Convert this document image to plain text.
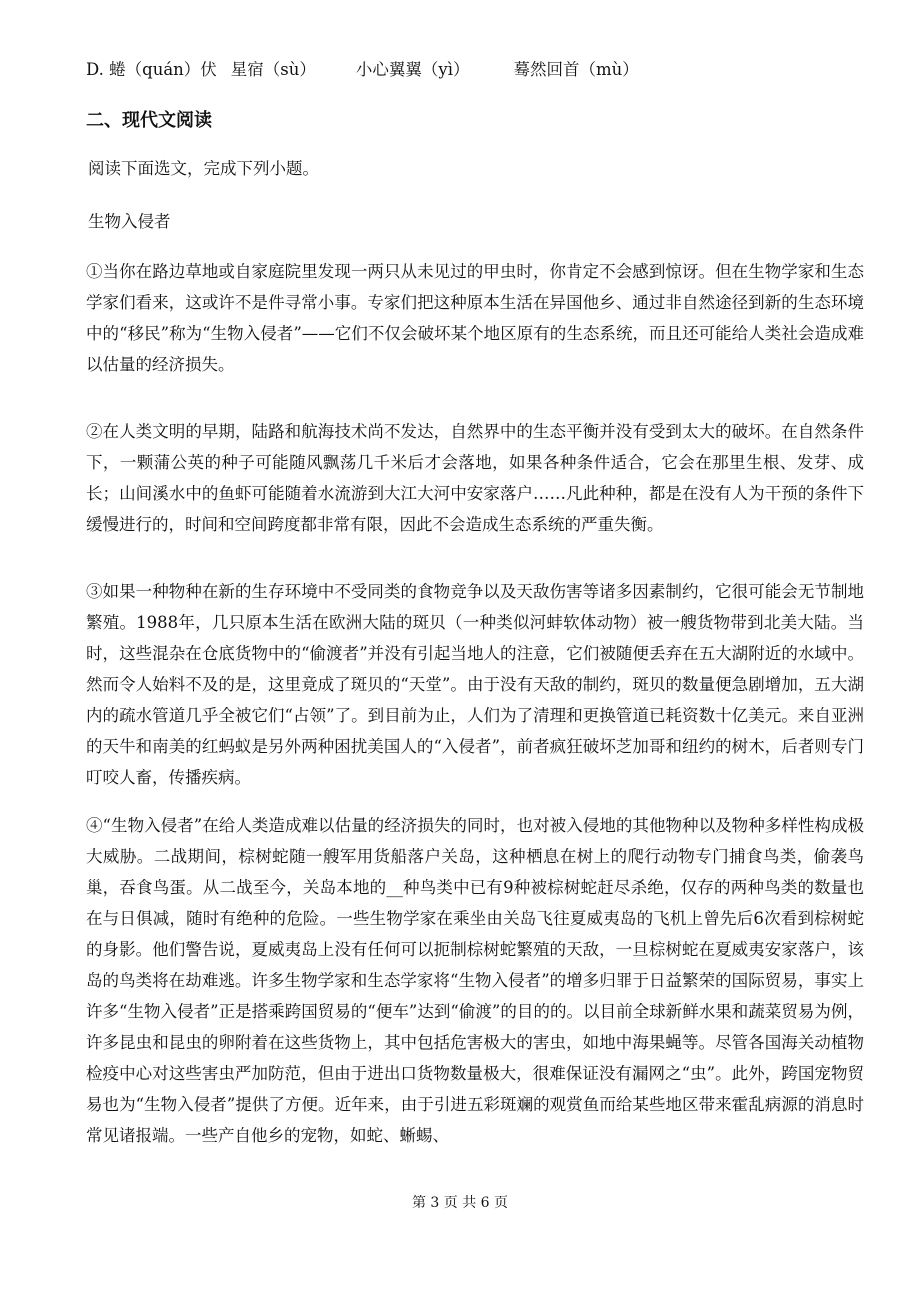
D. 蜷（quán）伏 星宿（sù） 小心翼翼（yì）	蓦然回首（mù）
二、现代文阅读
阅读下面选文，完成下列小题。
生物入侵者
①当你在路边草地或自家庭院里发现一两只从未见过的甲虫时，你肯定不会感到惊讶。但在生物学家和生态学家们看来，这或许不是件寻常小事。专家们把这种原本生活在异国他乡、通过非自然途径到新的生态环境中的“移民”称为“生物入侵者”——它们不仅会破坏某个地区原有的生态系统，而且还可能给人类社会造成难以估量的经济损失。
②在人类文明的早期，陆路和航海技术尚不发达，自然界中的生态平衡并没有受到太大的破坏。在自然条件下，一颗蒲公英的种子可能随风飘荡几千米后才会落地，如果各种条件适合，它会在那里生根、发芽、成长；山间溪水中的鱼虾可能随着水流游到大江大河中安家落户……凡此种种，都是在没有人为干预的条件下缓慢进行的，时间和空间跨度都非常有限，因此不会造成生态系统的严重失衡。
③如果一种物种在新的生存环境中不受同类的食物竞争以及天敌伤害等诸多因素制约，它很可能会无节制地繁殖。1988年，几只原本生活在欧洲大陆的斑贝（一种类似河蚌软体动物）被一艘货物带到北美大陆。当时，这些混杂在仓底货物中的“偷渡者”并没有引起当地人的注意，它们被随便丢弃在五大湖附近的水域中。然而令人始料不及的是，这里竟成了斑贝的“天堂”。由于没有天敌的制约，斑贝的数量便急剧增加，五大湖内的疏水管道几乎全被它们“占领”了。到目前为止，人们为了清理和更换管道已耗资数十亿美元。来自亚洲的天牛和南美的红蚂蚁是另外两种困扰美国人的“入侵者”，前者疯狂破坏芝加哥和纽约的树木，后者则专门叮咬人畜，传播疾病。
④“生物入侵者”在给人类造成难以估量的经济损失的同时，也对被入侵地的其他物种以及物种多样性构成极大威胁。二战期间，棕树蛇随一艘军用货船落户关岛，这种栖息在树上的爬行动物专门捕食鸟类，偷袭鸟巢，吞食鸟蛋。从二战至今，关岛本地的__种鸟类中已有9种被棕树蛇赶尽杀绝，仅存的两种鸟类的数量也在与日俱减，随时有绝种的危险。一些生物学家在乘坐由关岛飞往夏威夷岛的飞机上曾先后6次看到棕树蛇的身影。他们警告说，夏威夷岛上没有任何可以扼制棕树蛇繁殖的天敌，一旦棕树蛇在夏威夷安家落户，该岛的鸟类将在劫难逃。许多生物学家和生态学家将“生物入侵者”的增多归罪于日益繁荣的国际贸易，事实上许多“生物入侵者”正是搭乘跨国贸易的“便车”达到“偷渡”的目的的。以目前全球新鲜水果和蔬菜贸易为例，许多昆虫和昆虫的卵附着在这些货物上，其中包括危害极大的害虫，如地中海果蝇等。尽管各国海关动植物检疫中心对这些害虫严加防范，但由于进出口货物数量极大，很难保证没有漏网之“虫”。此外，跨国宠物贸易也为“生物入侵者”提供了方便。近年来，由于引进五彩斑斓的观赏鱼而给某些地区带来霍乱病源的消息时常见诸报端。一些产自他乡的宠物，如蛇、蜥蜴、
第 3 页 共 6 页
